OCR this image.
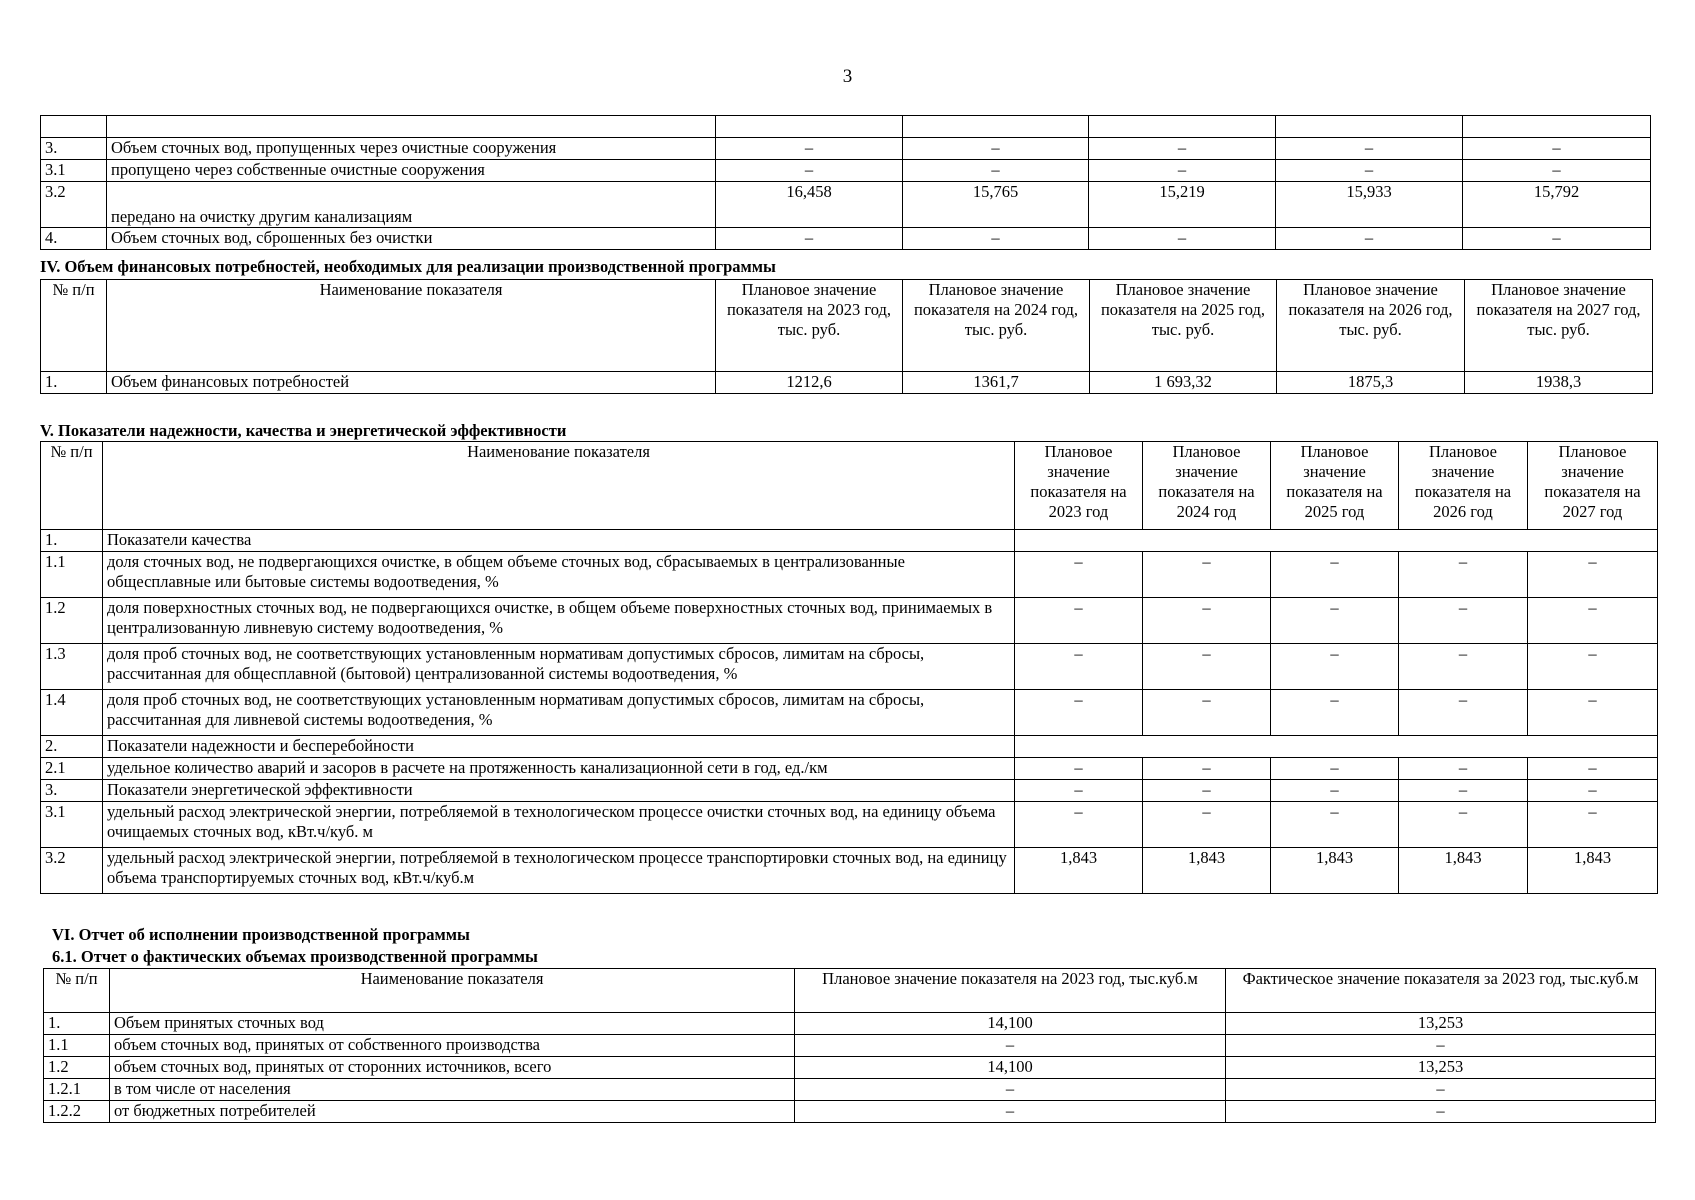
3

3.	Объем сточных вод, пропущенных через очистные сооружения	–	–	–	–	–
3.1	пропущено через собственные очистные сооружения	–	–	–	–	–
3.2	передано на очистку другим канализациям	16,458	15,765	15,219	15,933	15,792
4.	Объем сточных вод, сброшенных без очистки	–	–	–	–	–
IV. Объем финансовых потребностей, необходимых для реализации производственной программы
№ п/п	Наименование показателя	Плановое значение показателя на 2023 год, тыс. руб.	Плановое значение показателя на 2024 год, тыс. руб.	Плановое значение показателя на 2025 год, тыс. руб.	Плановое значение показателя на 2026 год, тыс. руб.	Плановое значение показателя на 2027 год, тыс. руб.
1.	Объем финансовых потребностей	1212,6	1361,7	1 693,32	1875,3	1938,3
V. Показатели надежности, качества и энергетической эффективности
№ п/п	Наименование показателя	Плановое значение показателя на 2023 год	Плановое значение показателя на 2024 год	Плановое значение показателя на 2025 год	Плановое значение показателя на 2026 год	Плановое значение показателя на 2027 год
1.	Показатели качества					
1.1	доля сточных вод, не подвергающихся очистке, в общем объеме сточных вод, сбрасываемых в централизованные общесплавные или бытовые системы водоотведения, %	–	–	–	–	–
1.2	доля поверхностных сточных вод, не подвергающихся очистке, в общем объеме поверхностных сточных вод, принимаемых в централизованную ливневую систему водоотведения, %	–	–	–	–	–
1.3	доля проб сточных вод, не соответствующих установленным нормативам допустимых сбросов, лимитам на сбросы, рассчитанная для общесплавной (бытовой) централизованной системы водоотведения, %	–	–	–	–	–
1.4	доля проб сточных вод, не соответствующих установленным нормативам допустимых сбросов, лимитам на сбросы, рассчитанная для ливневой системы водоотведения, %	–	–	–	–	–
2.	Показатели надежности и бесперебойности					
2.1	удельное количество аварий и засоров в расчете на протяженность канализационной сети в год, ед./км	–	–	–	–	–
3.	Показатели энергетической эффективности	–	–	–	–	–
3.1	удельный расход электрической энергии, потребляемой в технологическом процессе очистки сточных вод, на единицу объема очищаемых сточных вод, кВт.ч/куб. м	–	–	–	–	–
3.2	удельный расход электрической энергии, потребляемой в технологическом процессе транспортировки сточных вод, на единицу объема транспортируемых сточных вод, кВт.ч/куб.м	1,843	1,843	1,843	1,843	1,843
VI. Отчет об исполнении производственной программы
6.1. Отчет о фактических объемах производственной программы
№ п/п	Наименование показателя	Плановое значение показателя на 2023 год, тыс.куб.м	Фактическое значение показателя за 2023 год, тыс.куб.м
1.	Объем принятых сточных вод	14,100	13,253
1.1	объем сточных вод, принятых от собственного производства	–	–
1.2	объем сточных вод, принятых от сторонних источников, всего	14,100	13,253
1.2.1	в том числе от населения	–	–
1.2.2	от бюджетных потребителей	–	–
